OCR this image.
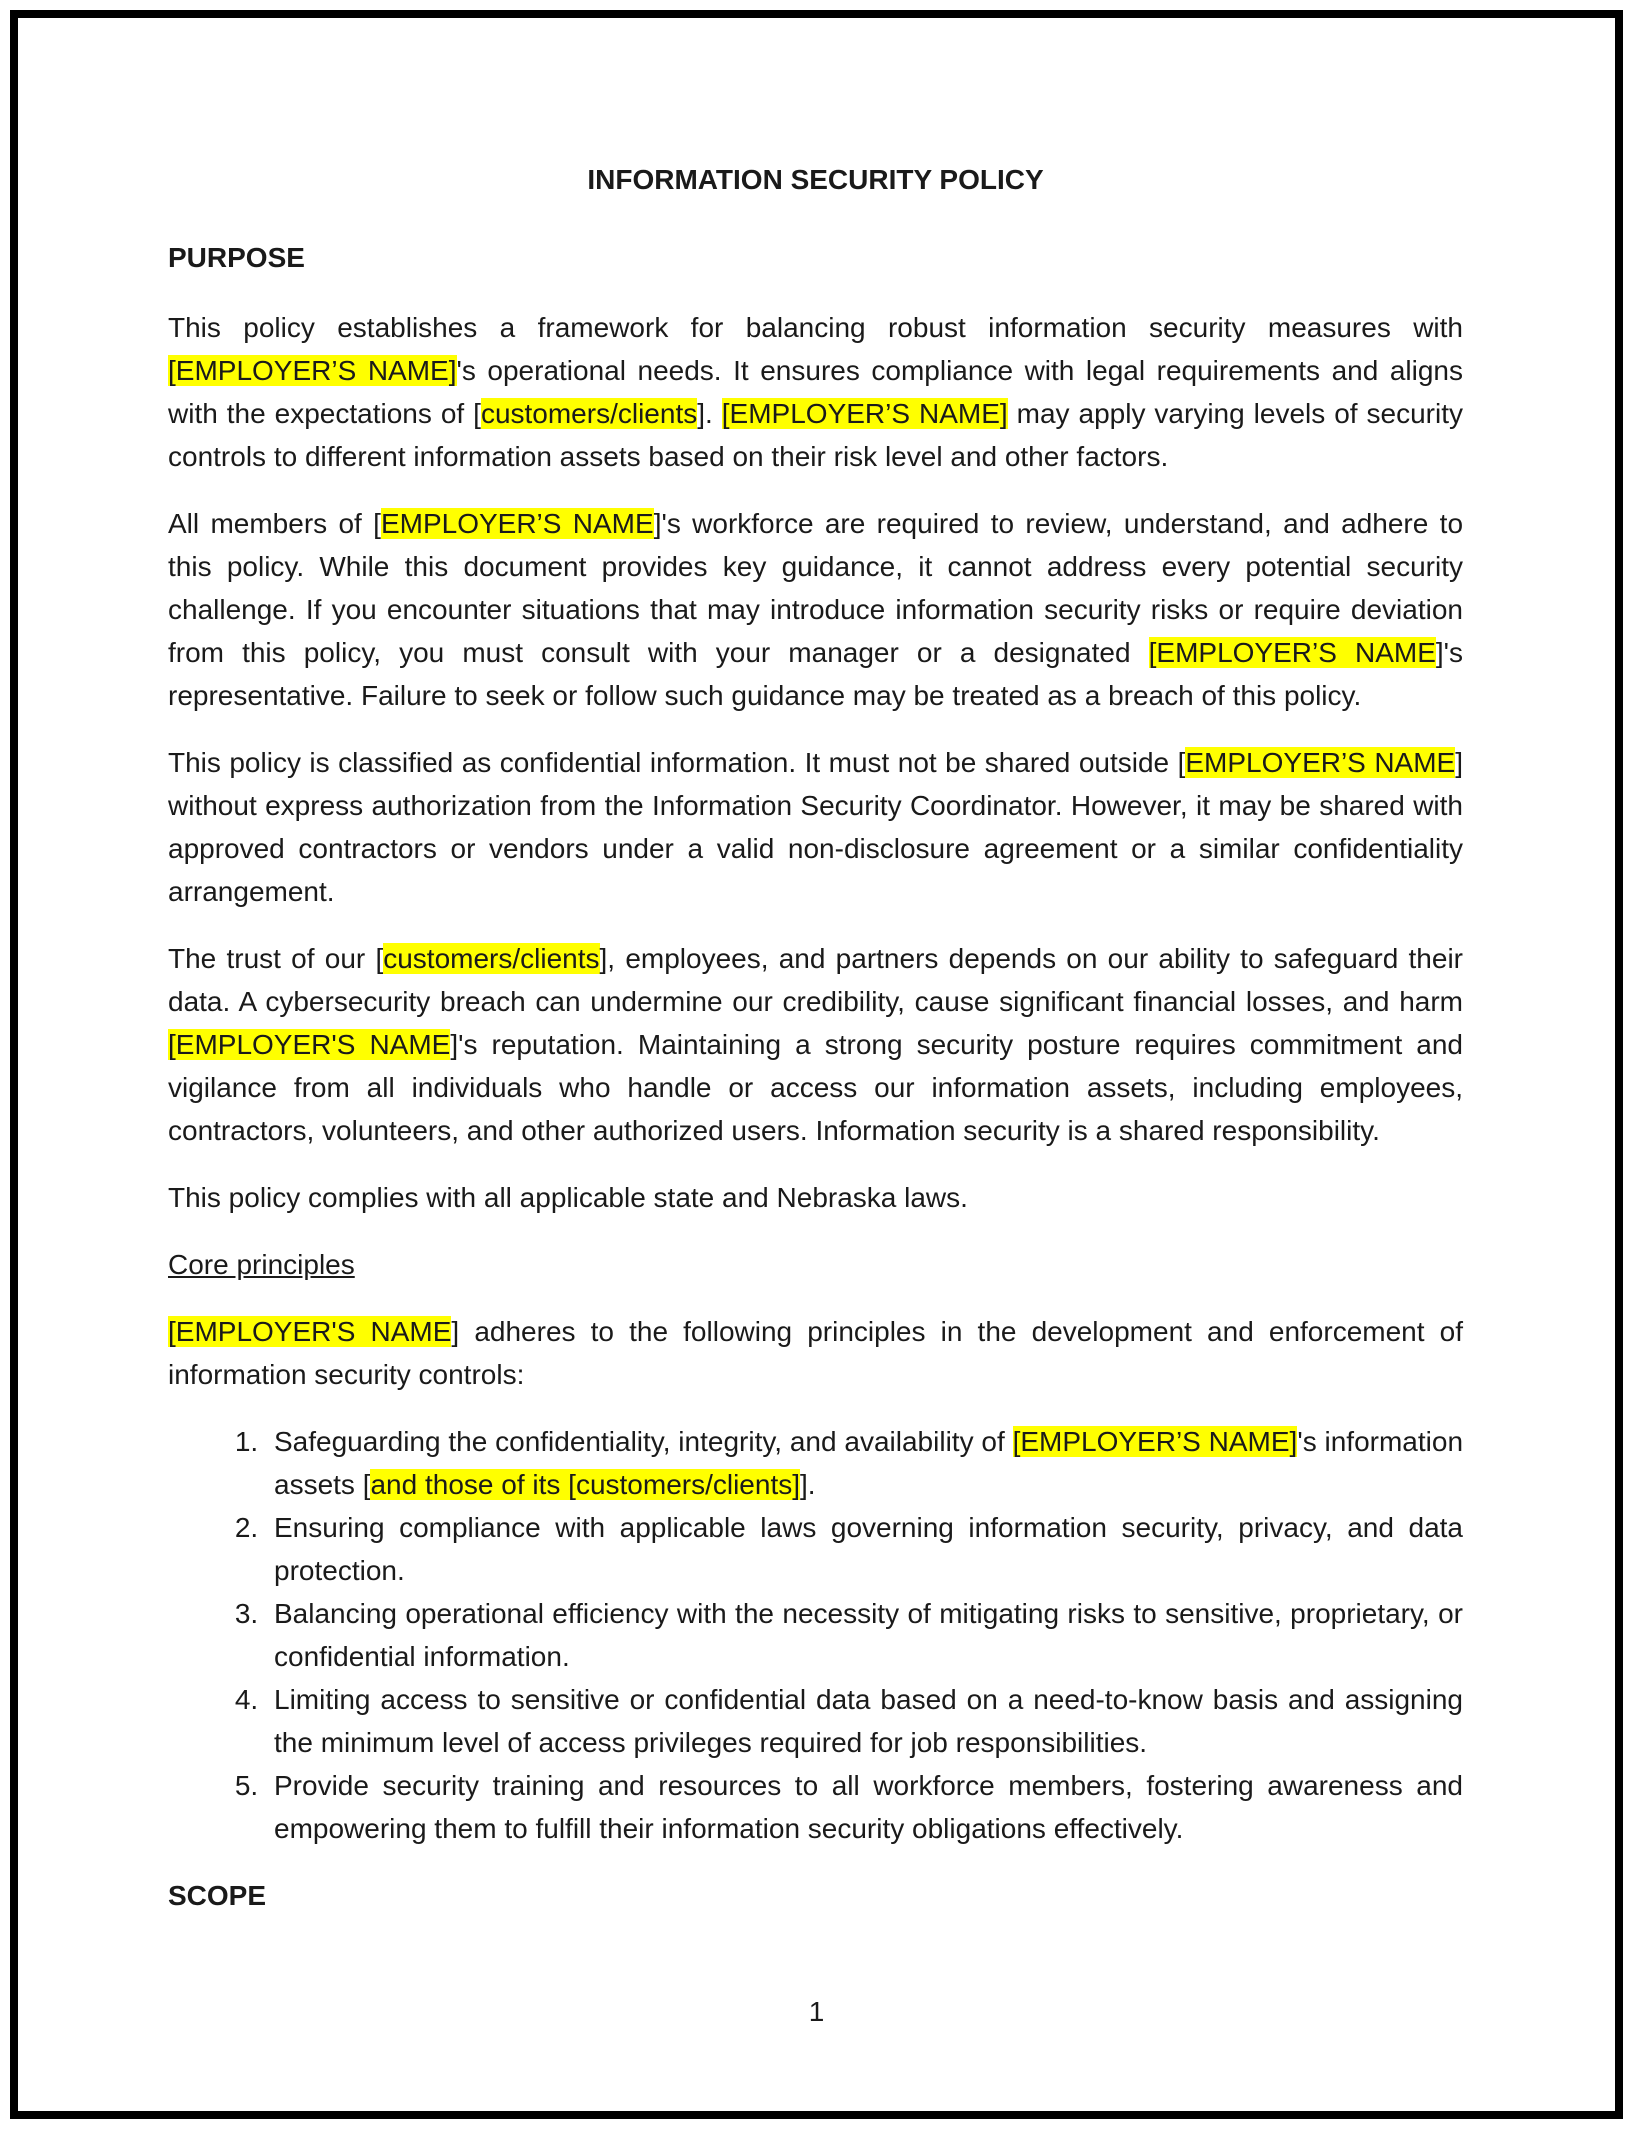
INFORMATION SECURITY POLICY
PURPOSE

This policy establishes a framework for balancing robust information security measures with [EMPLOYER’S NAME]'s operational needs. It ensures compliance with legal requirements and aligns with the expectations of [customers/clients]. [EMPLOYER’S NAME] may apply varying levels of security controls to different information assets based on their risk level and other factors.

All members of [EMPLOYER’S NAME]'s workforce are required to review, understand, and adhere to this policy. While this document provides key guidance, it cannot address every potential security challenge. If you encounter situations that may introduce information security risks or require deviation from this policy, you must consult with your manager or a designated [EMPLOYER’S NAME]'s representative. Failure to seek or follow such guidance may be treated as a breach of this policy.

This policy is classified as confidential information. It must not be shared outside [EMPLOYER’S NAME] without express authorization from the Information Security Coordinator. However, it may be shared with approved contractors or vendors under a valid non-disclosure agreement or a similar confidentiality arrangement.

The trust of our [customers/clients], employees, and partners depends on our ability to safeguard their data. A cybersecurity breach can undermine our credibility, cause significant financial losses, and harm [EMPLOYER'S NAME]'s reputation. Maintaining a strong security posture requires commitment and vigilance from all individuals who handle or access our information assets, including employees, contractors, volunteers, and other authorized users. Information security is a shared responsibility.

This policy complies with all applicable state and Nebraska laws.

Core principles

[EMPLOYER'S NAME] adheres to the following principles in the development and enforcement of information security controls:

1. Safeguarding the confidentiality, integrity, and availability of [EMPLOYER’S NAME]'s information assets [and those of its [customers/clients]].
2. Ensuring compliance with applicable laws governing information security, privacy, and data protection.
3. Balancing operational efficiency with the necessity of mitigating risks to sensitive, proprietary, or confidential information.
4. Limiting access to sensitive or confidential data based on a need-to-know basis and assigning the minimum level of access privileges required for job responsibilities.
5. Provide security training and resources to all workforce members, fostering awareness and empowering them to fulfill their information security obligations effectively.
SCOPE
1
